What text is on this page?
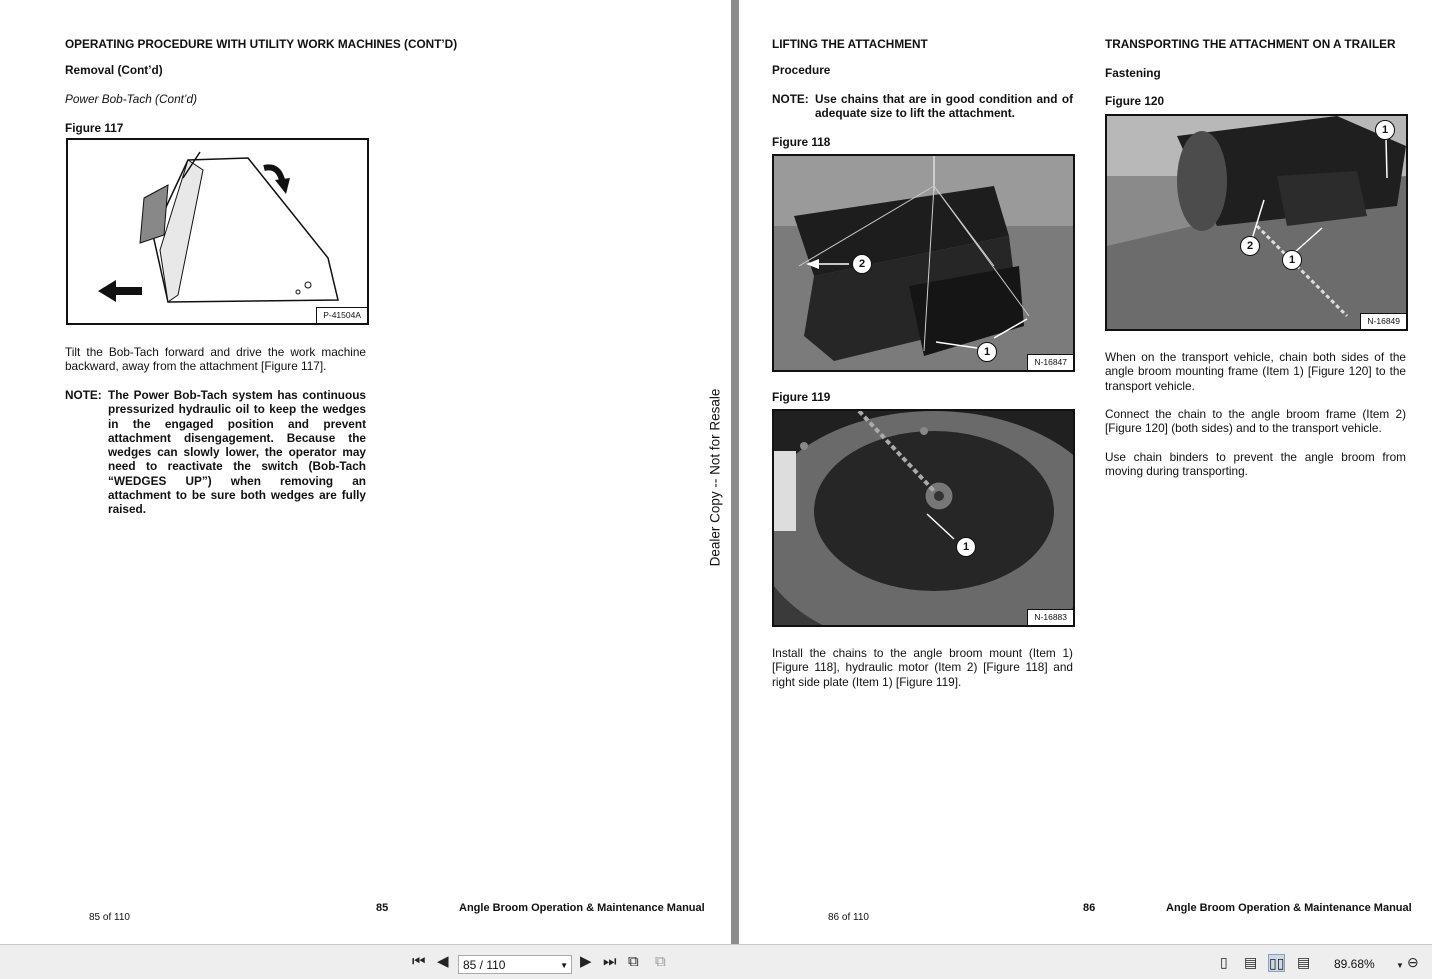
OPERATING PROCEDURE WITH UTILITY WORK MACHINES (CONT’D)
Removal (Cont’d)
Power Bob-Tach (Cont’d)
Figure 117
P-41504A
Tilt the Bob-Tach forward and drive the work machine backward, away from the attachment [Figure 117].
NOTE: The Power Bob-Tach system has continuous pressurized hydraulic oil to keep the wedges in the engaged position and prevent attachment disengagement. Because the wedges can slowly lower, the operator may need to reactivate the switch (Bob-Tach “WEDGES UP”) when removing an attachment to be sure both wedges are fully raised.
85 of 110
85	Angle Broom Operation & Maintenance Manual
Dealer Copy -- Not for Resale
LIFTING THE ATTACHMENT
Procedure
NOTE: Use chains that are in good condition and of adequate size to lift the attachment.
Figure 118
2
1
N-16847
Figure 119
1
N-16883
Install the chains to the angle broom mount (Item 1) [Figure 118], hydraulic motor (Item 2) [Figure 118] and right side plate (Item 1) [Figure 119].
TRANSPORTING THE ATTACHMENT ON A TRAILER
Fastening
Figure 120
1
2
1
N-16849
When on the transport vehicle, chain both sides of the angle broom mounting frame (Item 1) [Figure 120] to the transport vehicle.
Connect the chain to the angle broom frame (Item 2) [Figure 120] (both sides) and to the transport vehicle.
Use chain binders to prevent the angle broom from moving during transporting.
86 of 110
86	Angle Broom Operation & Maintenance Manual
⏮ ◀	85 / 110	▼ ▶ ⏭ ⧉ ⧉	▯ ▤ ▯▯ ▤ 89.68%	▼ ⊖
